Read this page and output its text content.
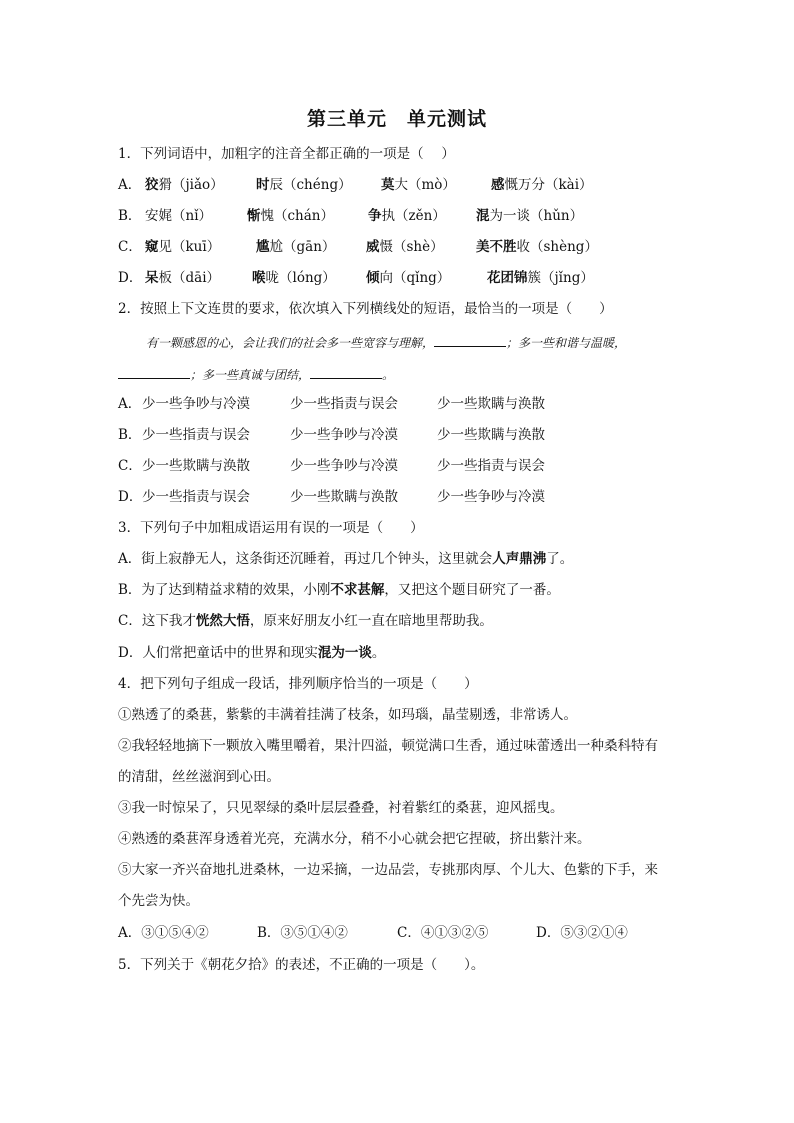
第三单元　单元测试
1．下列词语中，加粗字的注音全都正确的一项是（　 ）
A． 狡猾（jiǎo） 时辰（chéng） 莫大（mò）	感慨万分（kài）
B． 安娓（nǐ）	惭愧（chán）	争执（zěn） 混为一谈（hǔn）
C． 窥见（kuī）	尴尬（gān） 威慑（shè） 美不胜收（shèng）
D． 呆板（dāi） 喉咙（lóng） 倾向（qǐng）	花团锦簇（jǐng）
2．按照上下文连贯的要求，依次填入下列横线处的短语，最恰当的一项是（　　）
有一颗感恩的心，会让我们的社会多一些宽容与理解，	；多一些和谐与温暖，
；多一些真诚与团结，	。
A． 少一些争吵与冷漠	少一些指责与误会	少一些欺瞒与涣散
B． 少一些指责与误会	少一些争吵与冷漠	少一些欺瞒与涣散
C． 少一些欺瞒与涣散	少一些争吵与冷漠	少一些指责与误会
D． 少一些指责与误会	少一些欺瞒与涣散	少一些争吵与冷漠
3．下列句子中加粗成语运用有误的一项是（　　）
A．街上寂静无人，这条街还沉睡着，再过几个钟头，这里就会人声鼎沸了。
B．为了达到精益求精的效果，小刚不求甚解，又把这个题目研究了一番。
C．这下我才恍然大悟，原来好朋友小红一直在暗地里帮助我。
D．人们常把童话中的世界和现实混为一谈。
4．把下列句子组成一段话，排列顺序恰当的一项是（　　）
①熟透了的桑葚，紫紫的丰满着挂满了枝条，如玛瑙，晶莹剔透，非常诱人。
②我轻轻地摘下一颗放入嘴里嚼着，果汁四溢，顿觉满口生香，通过味蕾透出一种桑科特有
的清甜，丝丝滋润到心田。
③我一时惊呆了，只见翠绿的桑叶层层叠叠，衬着紫红的桑葚，迎风摇曳。
④熟透的桑葚浑身透着光亮，充满水分，稍不小心就会把它捏破，挤出紫汁来。
⑤大家一齐兴奋地扎进桑林，一边采摘，一边品尝，专挑那肉厚、个儿大、色紫的下手，来
个先尝为快。
A．③①⑤④②	B．③⑤①④②	C．④①③②⑤	D．⑤③②①④
5．下列关于《朝花夕拾》的表述，不正确的一项是（　　）。
